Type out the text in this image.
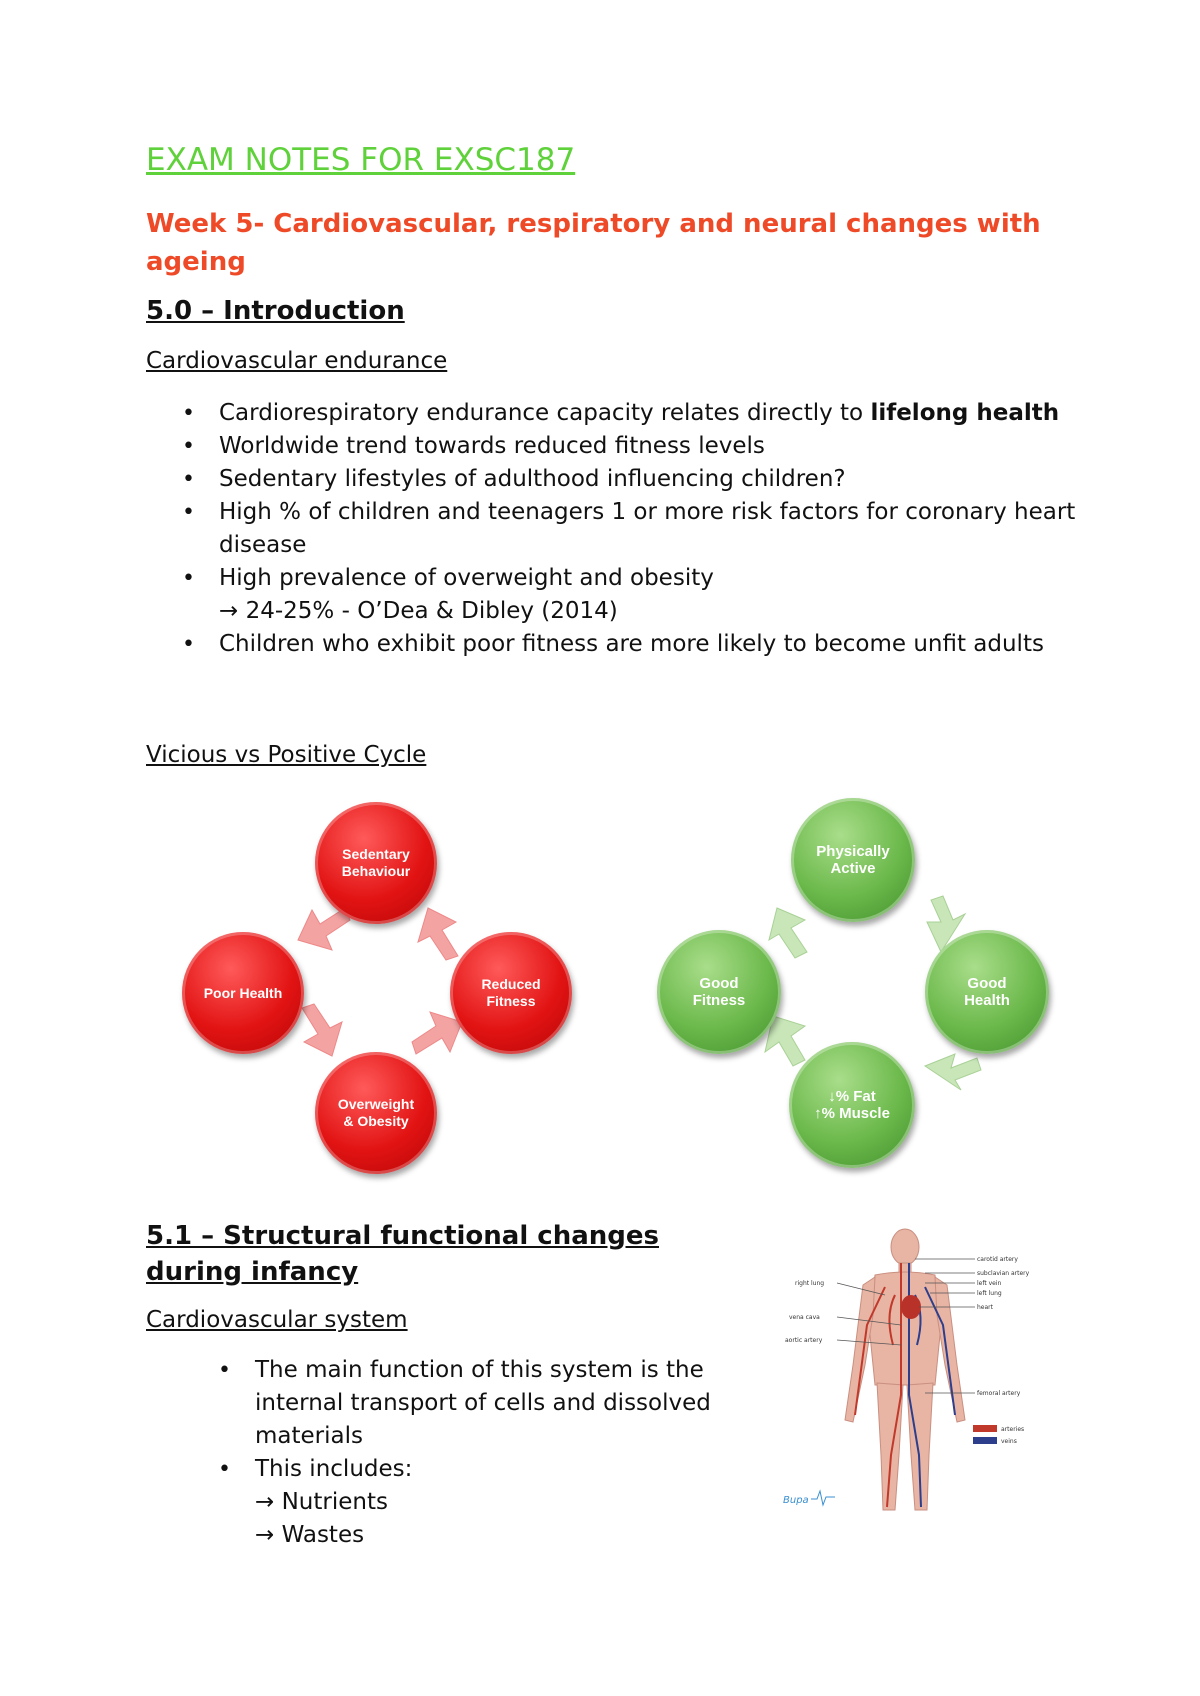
EXAM NOTES FOR EXSC187
Week 5- Cardiovascular, respiratory and neural changes with ageing
5.0 – Introduction
Cardiovascular endurance
• Cardiorespiratory endurance capacity relates directly to lifelong health
• Worldwide trend towards reduced fitness levels
• Sedentary lifestyles of adulthood influencing children?
• High % of children and teenagers 1 or more risk factors for coronary heart disease
• High prevalence of overweight and obesity
→ 24-25% - O’Dea & Dibley (2014)
• Children who exhibit poor fitness are more likely to become unfit adults
Vicious vs Positive Cycle
Sedentary
Behaviour
Reduced
Fitness
Overweight
& Obesity
Poor Health
Physically
Active
Good
Health
↓% Fat
↑% Muscle
Good
Fitness
5.1 – Structural functional changes during infancy
Cardiovascular system
• The main function of this system is the internal transport of cells and dissolved materials
• This includes:
→ Nutrients
→ Wastes
carotid artery
subclavian artery
left vein
left lung
heart
right lung
vena cava
aortic artery
femoral artery
arteries
veins
Bupa
